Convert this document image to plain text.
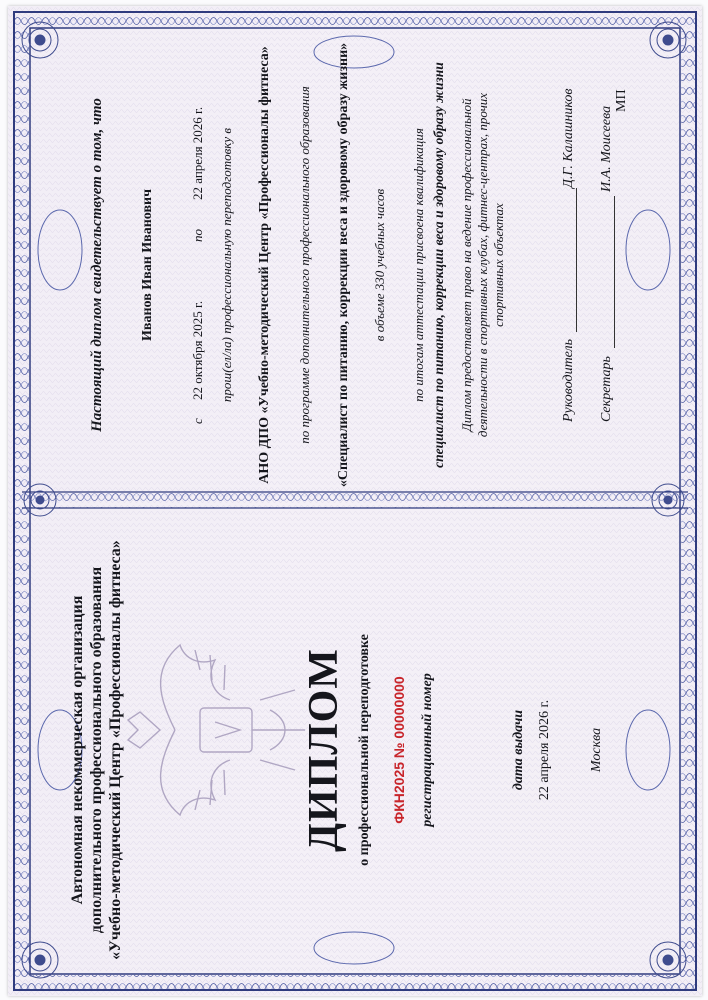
Автономная некоммерческая организация дополнительного профессионального образования «Учебно-методический Центр «Профессионалы фитнеса»	ДИПЛОМ о профессиональной переподготовке ФКН2025 № 00000000 регистрационный номер	дата выдачи 22 апреля 2026 г.	Москва
Настоящий диплом свидетельствует о том, что	Иванов Иван Иванович
с
22 октября 2025 г.
по
22 апреля 2026 г. прош(ел/ла) профессиональную переподготовку в АНО ДПО «Учебно-методический Центр «Профессионалы фитнеса» по программе дополнительного профессионального образования «Специалист по питанию, коррекции веса и здоровому образу жизни» в объеме 330 учебных часов по итогам аттестации присвоена квалификация специалист по питанию, коррекции веса и здоровому образу жизни Диплом предоставляет право на ведение профессиональной деятельности в спортивных клубах, фитнес-центрах, прочих спортивных объектах
Руководитель
Д.Г. Калашников
Секретарь
И.А. Моисеева
МП
